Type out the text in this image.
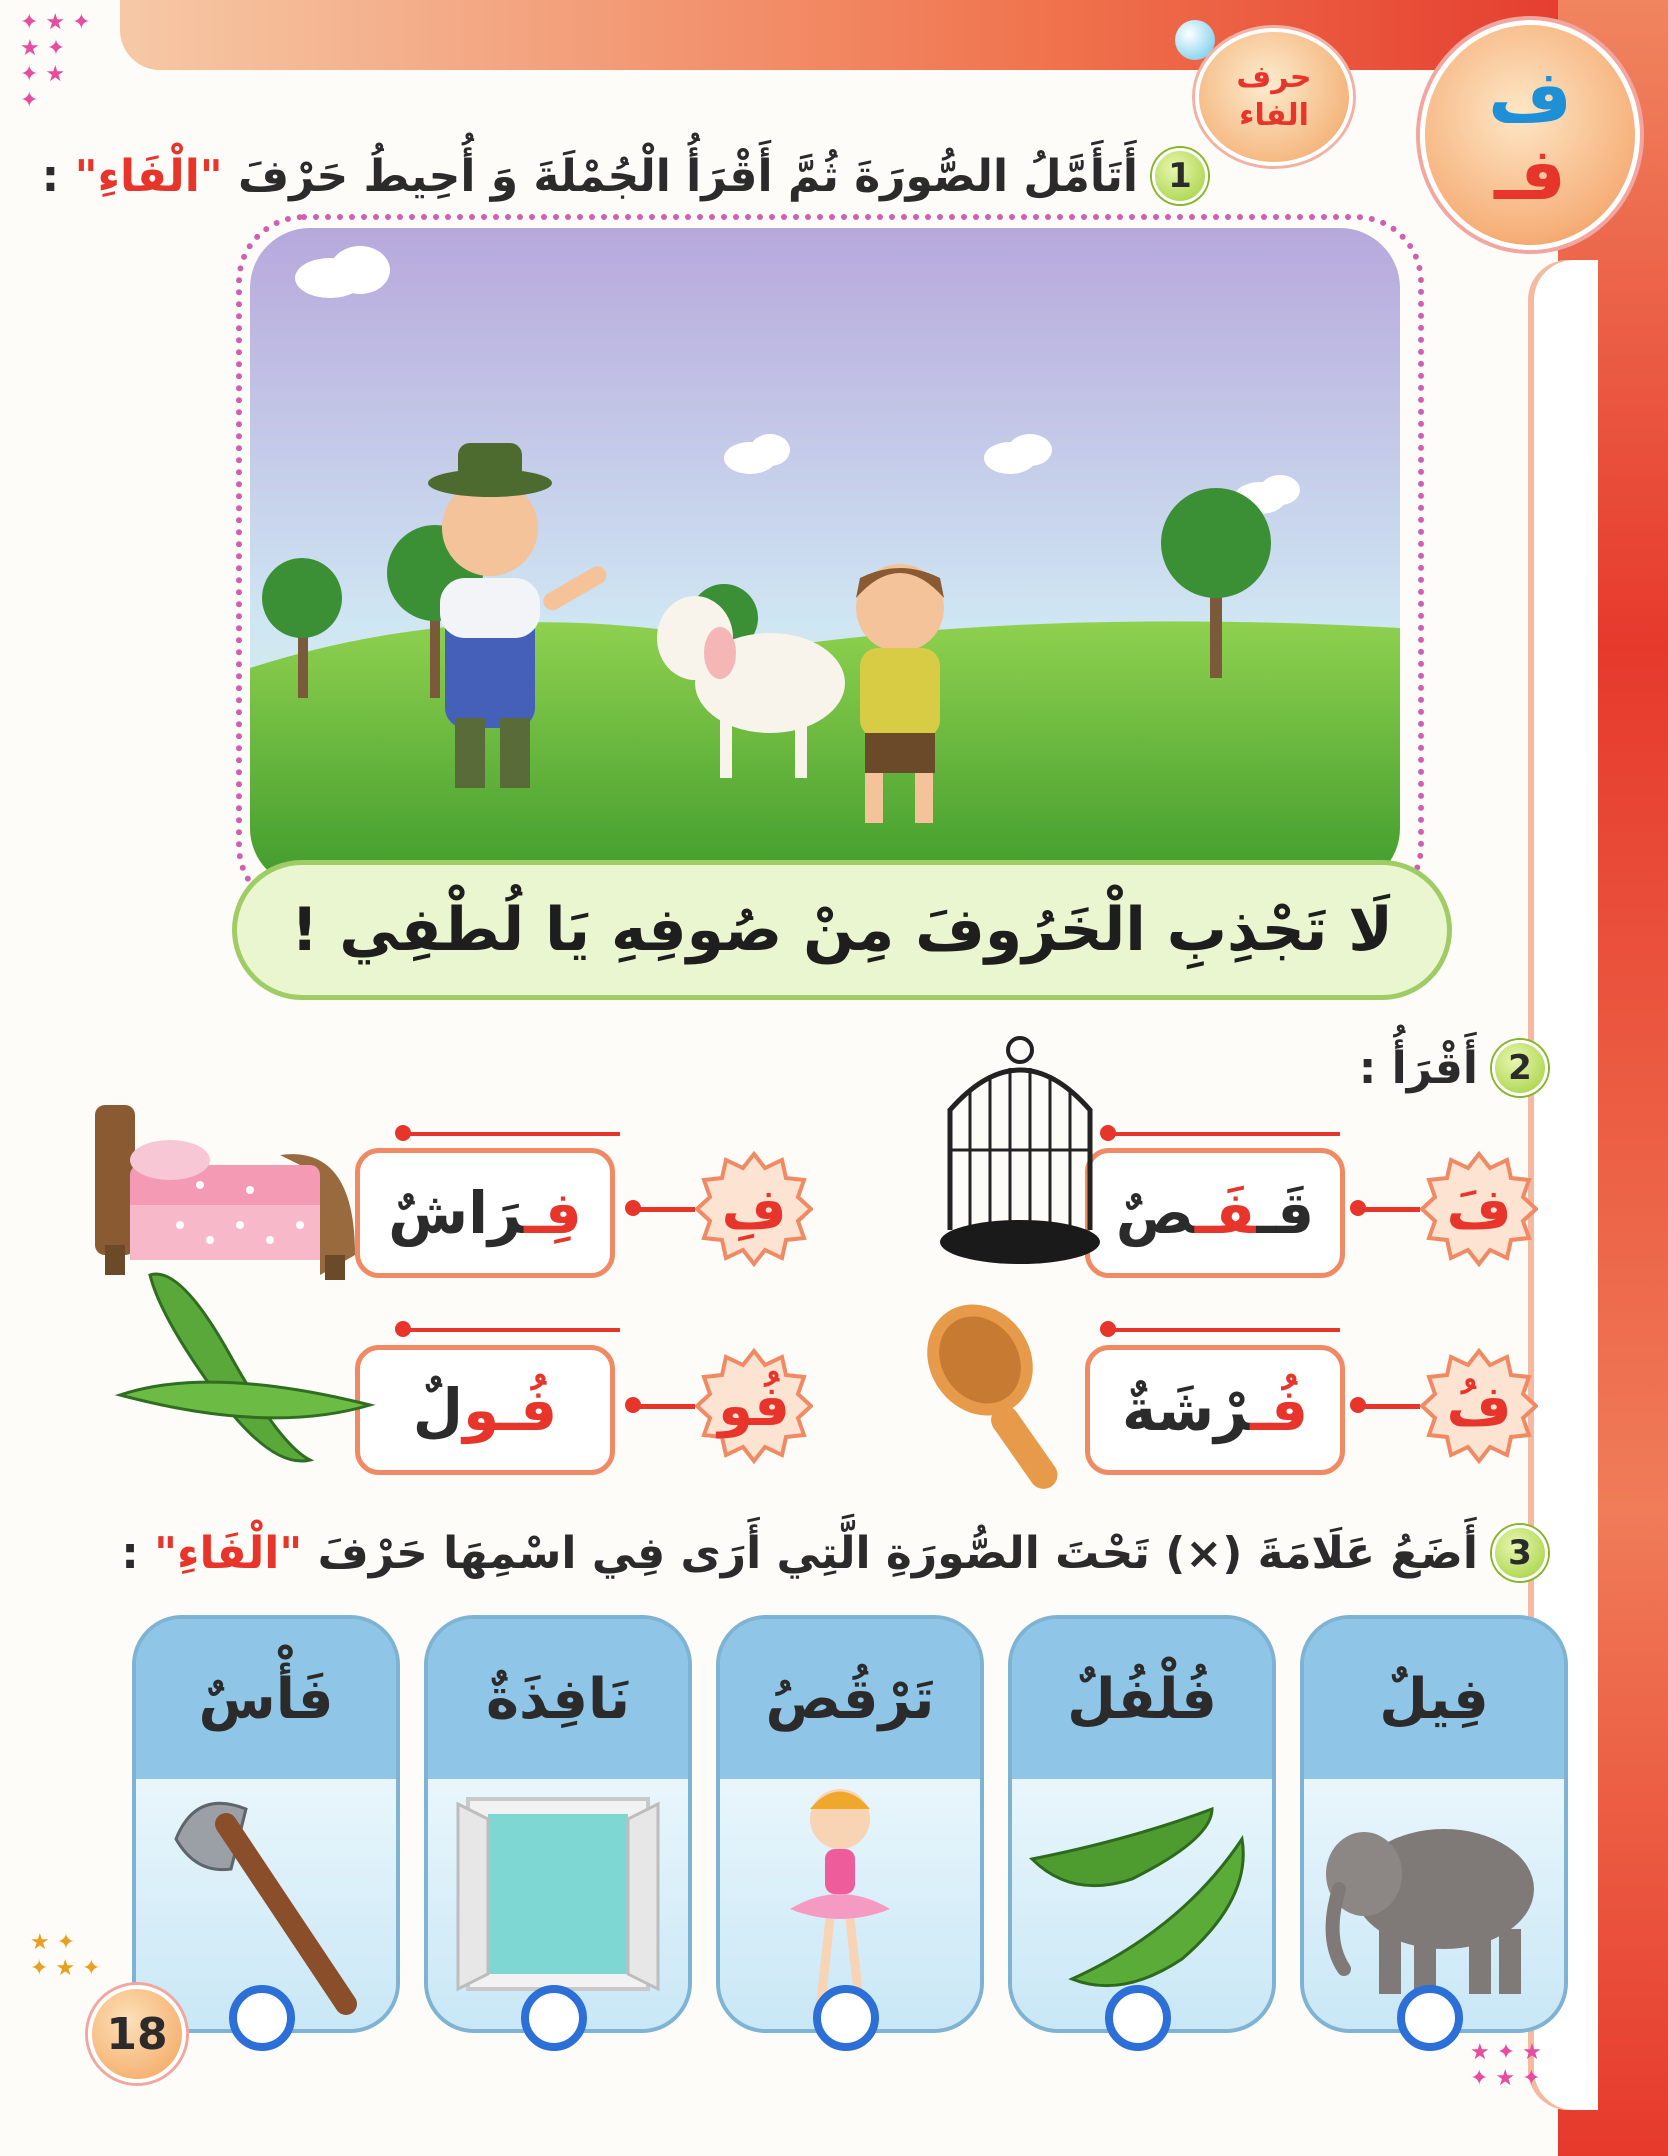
✦ ★ ✦
★ ✦
✦ ★
✦
★ ✦
✦ ★ ✦
★ ✦ ★
✦ ★ ✦
حرف
الفاء ف
فـ
1
أَتَأَمَّلُ الصُّورَةَ ثُمَّ أَقْرَأُ الْجُمْلَةَ وَ أُحِيطُ حَرْفَ "الْفَاءِ" :
لَا تَجْذِبِ الْخَرُوفَ مِنْ صُوفِهِ يَا لُطْفِي !
2
أَقْرَأُ :
فَ
قَـفَـصٌ
فِ
فِـرَاشٌ
فُ
فُـرْشَةٌ
فُو
فُـولٌ
3
أَضَعُ عَلَامَةَ (×) تَحْتَ الصُّورَةِ الَّتِي أَرَى فِي اسْمِهَا حَرْفَ "الْفَاءِ" :
فِيلٌ
فُلْفُلٌ
تَرْقُصُ
نَافِذَةٌ
فَأْسٌ
18
